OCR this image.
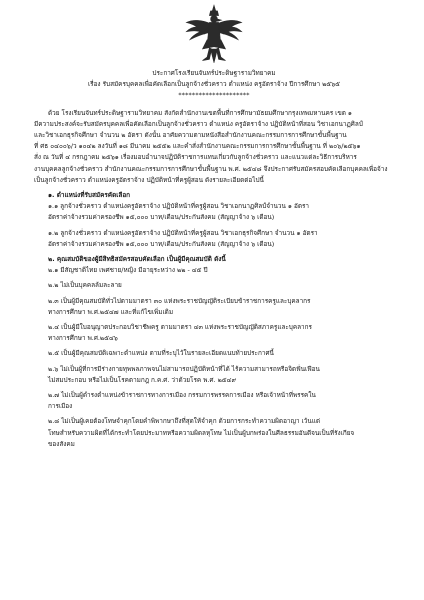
ประกาศโรงเรียนจันทร์ประดิษฐารามวิทยาคม

เรื่อง รับสมัครบุคคลเพื่อคัดเลือกเป็นลูกจ้างชั่วคราว ตำแหน่ง ครูอัตราจ้าง ปีการศึกษา ๒๕๖๕

*********************

ด้วย โรงเรียนจันทร์ประดิษฐารามวิทยาคม สังกัดสำนักงานเขตพื้นที่การศึกษามัธยมศึกษากรุงเทพมหานคร เขต ๑
มีความประสงค์จะรับสมัครบุคคลเพื่อคัดเลือกเป็นลูกจ้างชั่วคราว ตำแหน่ง ครูอัตราจ้าง ปฏิบัติหน้าที่สอน วิชาเอกนาฏศิลป์
และวิชาเอกธุรกิจศึกษา จำนวน ๒ อัตรา ดังนั้น อาศัยความตามหนังสือสำนักงานคณะกรรมการการศึกษาขั้นพื้นฐาน
ที่ ศธ ๐๔๐๐๖/ว ๑๐๔๒ ลงวันที่ ๑๘ มีนาคม ๒๕๕๒ และคำสั่งสำนักงานคณะกรรมการการศึกษาขั้นพื้นฐาน ที่ ๒๐๖/๒๕๖๑
สั่ง ณ วันที่ ๔ กรกฎาคม ๒๕๖๑ เรื่องมอบอำนาจปฏิบัติราชการแทนเกี่ยวกับลูกจ้างชั่วคราว และแนวแต่ละวิธีการบริหาร
งานบุคคลลูกจ้างชั่วคราว สำนักงานคณะกรรมการการศึกษาขั้นพื้นฐาน พ.ศ. ๒๕๔๘ จึงประกาศรับสมัครสอบคัดเลือกบุคคลเพื่อจ้าง
เป็นลูกจ้างชั่วคราว ตำแหน่งครูอัตราจ้าง ปฏิบัติหน้าที่ครูผู้สอน ดังรายละเอียดต่อไปนี้

๑. ตำแหน่งที่รับสมัครคัดเลือก

๑.๑ ลูกจ้างชั่วคราว ตำแหน่งครูอัตราจ้าง ปฏิบัติหน้าที่ครูผู้สอน วิชาเอกนาฏศิลป์จำนวน ๑ อัตรา
อัตราค่าจ้างรวมค่าครองชีพ ๑๕,๐๐๐ บาท/เดือน/ประกันสังคม (สัญญาจ้าง ๖ เดือน)
๑.๒ ลูกจ้างชั่วคราว ตำแหน่งครูอัตราจ้าง ปฏิบัติหน้าที่ครูผู้สอน วิชาเอกธุรกิจศึกษา จำนวน ๑ อัตรา
อัตราค่าจ้างรวมค่าครองชีพ ๑๕,๐๐๐ บาท/เดือน/ประกันสังคม (สัญญาจ้าง ๖ เดือน)

๒. คุณสมบัติของผู้มีสิทธิสมัครสอบคัดเลือก เป็นผู้มีคุณสมบัติ ดังนี้

๒.๑ มีสัญชาติไทย เพศชาย/หญิง มีอายุระหว่าง ๒๒ - ๔๕ ปี
๒.๒ ไม่เป็นบุคคลล้มละลาย
๒.๓ เป็นผู้มีคุณสมบัติทั่วไปตามมาตรา ๓๐ แห่งพระราชบัญญัติระเบียบข้าราชการครูและบุคลากร
ทางการศึกษา พ.ศ.๒๕๔๗ และที่แก้ไขเพิ่มเติม
๒.๔ เป็นผู้มีใบอนุญาตประกอบวิชาชีพครู ตามมาตรา ๔๓ แห่งพระราชบัญญัติสภาครูและบุคลากร
ทางการศึกษา พ.ศ.๒๕๔๖
๒.๕ เป็นผู้มีคุณสมบัติเฉพาะตำแหน่ง ตามที่ระบุไว้ในรายละเอียดแนบท้ายประกาศนี้
๒.๖ ไม่เป็นผู้ที่การมีร่างกายทุพพลภาพจนไม่สามารถปฏิบัติหน้าที่ได้ ไร้ความสามารถหรือจิตฟั่นเฟือน
ไม่สมประกอบ หรือไม่เป็นโรคตามกฎ ก.ค.ศ. ว่าด้วยโรค พ.ศ. ๒๕๔๙
๒.๗ ไม่เป็นผู้ดำรงตำแหน่งข้าราชการทางการเมือง กรรมการพรรคการเมือง หรือเจ้าหน้าที่พรรคใน
การเมือง
๒.๘ ไม่เป็นผู้เคยต้องโทษจำคุกโดยคำพิพากษาถึงที่สุดให้จำคุก ด้วยการกระทำความผิดอาญา เว้นแต่
โทษสำหรับความผิดที่ได้กระทำโดยประมาทหรือความผิดลหุโทษ ไม่เป็นผู้บกพร่องในศีลธรรมอันดีจนเป็นที่รังเกียจ
ของสังคม
